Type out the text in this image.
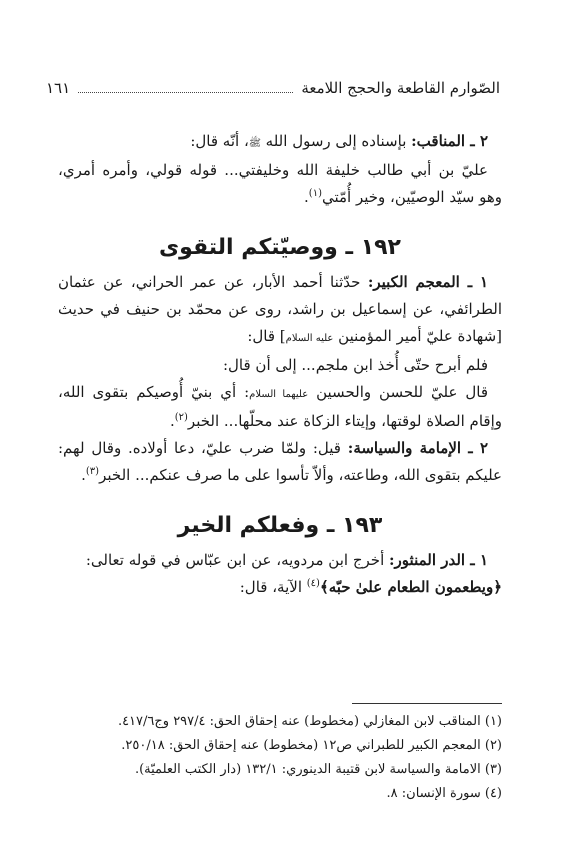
الصّوارم القاطعة والحجج اللامعة
١٦١

٢ ـ المناقب: بإسناده إلى رسول الله ﷺ، أنّه قال:

عليّ بن أبي طالب خليفة الله وخليفتي... قوله قولي، وأمره أمري، وهو سيّد الوصيّين، وخير أُمّتي$^{(١)}$.

١٩٢ ـ ووصيّتكم التقوى

١ ـ المعجم الكبير: حدّثنا أحمد الأبار، عن عمر الحراني، عن عثمان الطرائفي، عن إسماعيل بن راشد، روى عن محمّد بن حنيف في حديث [شهادة عليّ أمير المؤمنين عليه السلام] قال:

فلم أبرح حتّى أُخذ ابن ملجم... إلى أن قال:

قال عليّ للحسن والحسين عليهما السلام: أي بنيّ أُوصيكم بتقوى الله، وإقام الصلاة لوقتها، وإيتاء الزكاة عند محلّها... الخبر$^{(٢)}$.

٢ ـ الإمامة والسياسة: قيل: ولمّا ضرب عليّ، دعا أولاده. وقال لهم: عليكم بتقوى الله، وطاعته، وألاّ تأسوا على ما صرف عنكم... الخبر$^{(٣)}$.

١٩٣ ـ وفعلكم الخير

١ ـ الدر المنثور: أخرج ابن مردويه، عن ابن عبّاس في قوله تعالى:

﴿ويطعمون الطعام علىٰ حبّه﴾$^{(٤)}$ الآية، قال:

(١) المناقب لابن المغازلي (مخطوط) عنه إحقاق الحق: ٢٩٧/٤ وج٤١٧/٦.

(٢) المعجم الكبير للطبراني ص١٢ (مخطوط) عنه إحقاق الحق: ٢٥٠/١٨.

(٣) الامامة والسياسة لابن قتيبة الدينوري: ١٣٢/١ (دار الكتب العلميّة).

(٤) سورة الإنسان: ٨.
